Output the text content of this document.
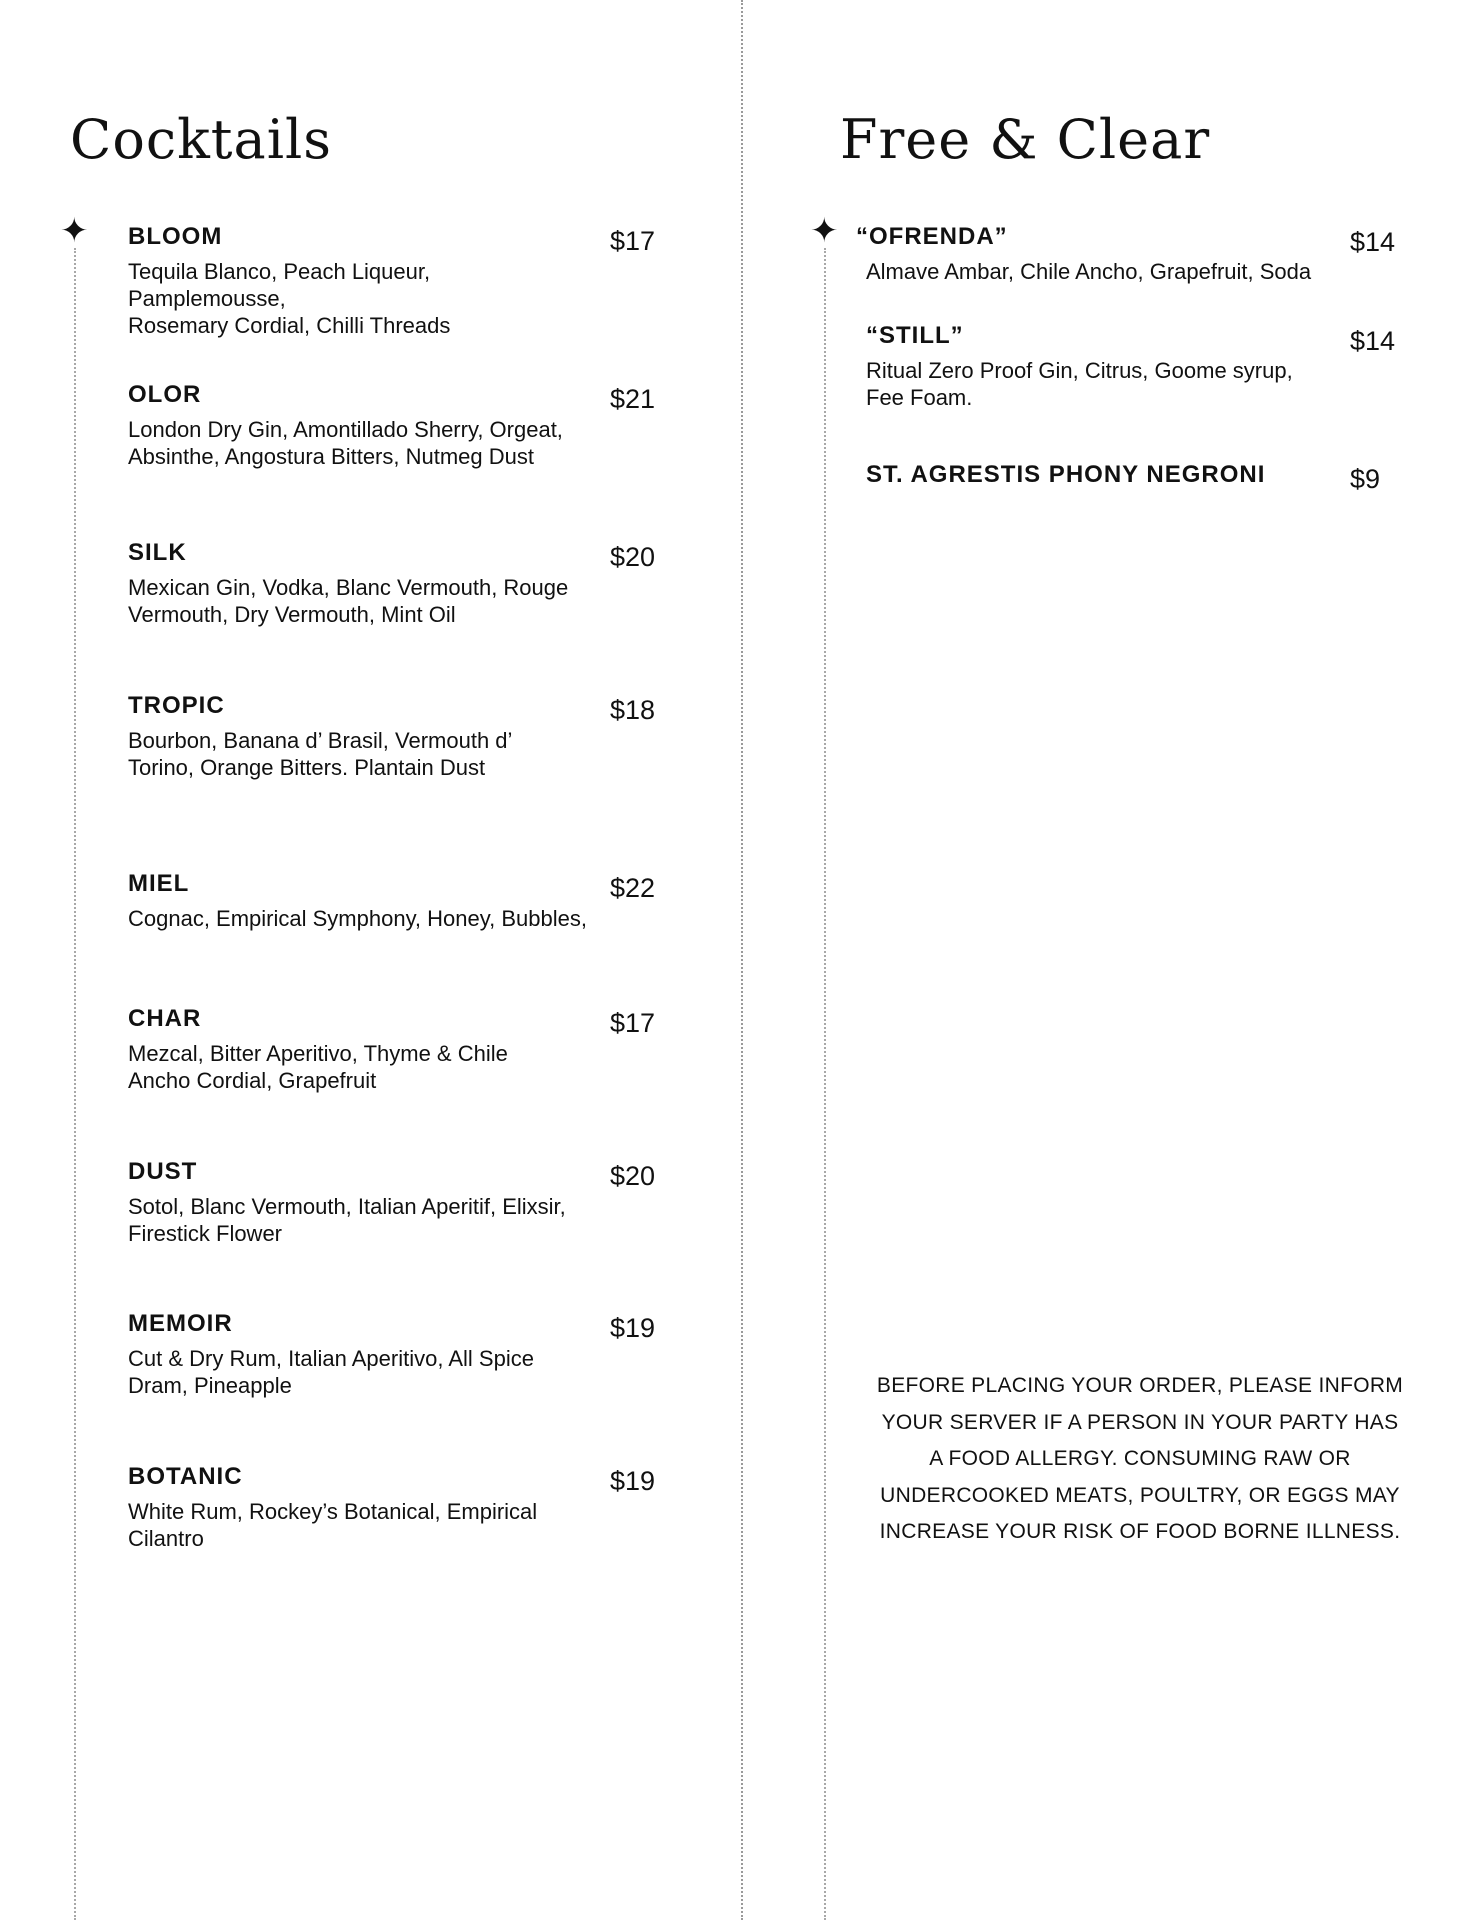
✦	✦
Cocktails
BLOOM
Tequila Blanco, Peach Liqueur, Pamplemousse,
Rosemary Cordial, Chilli Threads
$17
OLOR
London Dry Gin, Amontillado Sherry, Orgeat,
Absinthe, Angostura Bitters, Nutmeg Dust
$21
SILK
Mexican Gin, Vodka, Blanc Vermouth, Rouge
Vermouth, Dry Vermouth, Mint Oil
$20
TROPIC
Bourbon, Banana d’ Brasil, Vermouth d’
Torino, Orange Bitters. Plantain Dust
$18
MIEL
Cognac, Empirical Symphony, Honey, Bubbles,
$22
CHAR
Mezcal, Bitter Aperitivo, Thyme & Chile
Ancho Cordial, Grapefruit
$17
DUST
Sotol, Blanc Vermouth, Italian Aperitif, Elixsir,
Firestick Flower
$20
MEMOIR
Cut & Dry Rum, Italian Aperitivo, All Spice
Dram, Pineapple
$19
BOTANIC
White Rum, Rockey’s Botanical, Empirical
Cilantro
$19
Free & Clear
“OFRENDA”
Almave Ambar, Chile Ancho, Grapefruit, Soda
$14
“STILL”
Ritual Zero Proof Gin, Citrus, Goome syrup,
Fee Foam.
$14
ST. AGRESTIS PHONY NEGRONI	$9
BEFORE PLACING YOUR ORDER, PLEASE INFORM
YOUR SERVER IF A PERSON IN YOUR PARTY HAS
A FOOD ALLERGY. CONSUMING RAW OR
UNDERCOOKED MEATS, POULTRY, OR EGGS MAY
INCREASE YOUR RISK OF FOOD BORNE ILLNESS.
